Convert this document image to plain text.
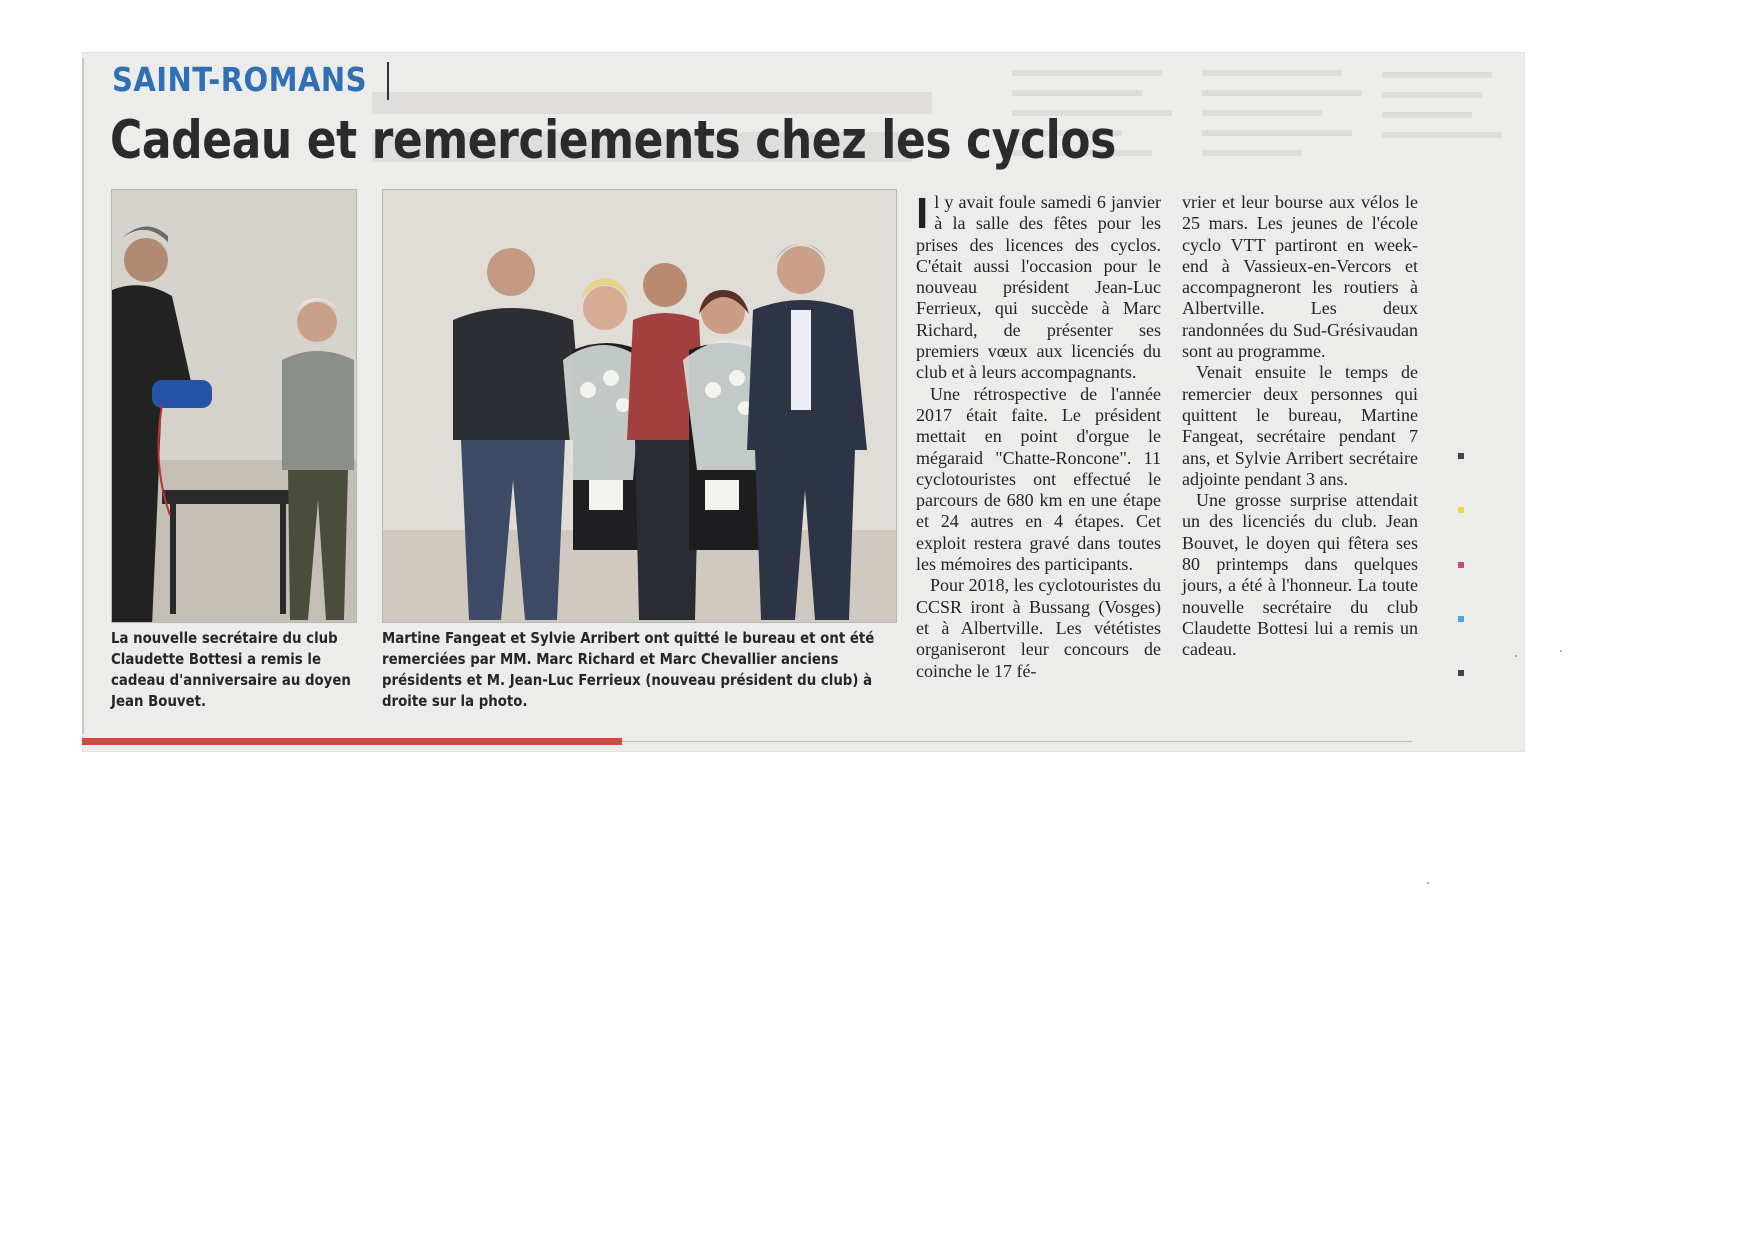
SAINT-ROMANS
Cadeau et remerciements chez les cyclos

La nouvelle secrétaire du club Claudette Bottesi a remis le cadeau d'anniversaire au doyen Jean Bouvet.

Martine Fangeat et Sylvie Arribert ont quitté le bureau et ont été remerciées par MM. Marc Richard et Marc Chevallier anciens présidents et M. Jean-Luc Ferrieux (nouveau président du club) à droite sur la photo.

Il y avait foule samedi 6 janvier à la salle des fêtes pour les prises des licences des cyclos. C'était aussi l'occasion pour le nouveau président Jean-Luc Ferrieux, qui succède à Marc Richard, de présenter ses premiers vœux aux licenciés du club et à leurs accompagnants.

Une rétrospective de l'année 2017 était faite. Le président mettait en point d'orgue le mégaraid "Chatte-Roncone". 11 cyclotouristes ont effectué le parcours de 680 km en une étape et 24 autres en 4 étapes. Cet exploit restera gravé dans toutes les mémoires des participants.

Pour 2018, les cyclotouristes du CCSR iront à Bussang (Vosges) et à Albertville. Les vététistes organiseront leur concours de coinche le 17 fé-

vrier et leur bourse aux vélos le 25 mars. Les jeunes de l'école cyclo VTT partiront en week-end à Vassieux-en-Vercors et accompagneront les routiers à Albertville. Les deux randonnées du Sud-Grésivaudan sont au programme.

Venait ensuite le temps de remercier deux personnes qui quittent le bureau, Martine Fangeat, secrétaire pendant 7 ans, et Sylvie Arribert secrétaire adjointe pendant 3 ans.

Une grosse surprise attendait un des licenciés du club. Jean Bouvet, le doyen qui fêtera ses 80 printemps dans quelques jours, a été à l'honneur. La toute nouvelle secrétaire du club Claudette Bottesi lui a remis un cadeau.
